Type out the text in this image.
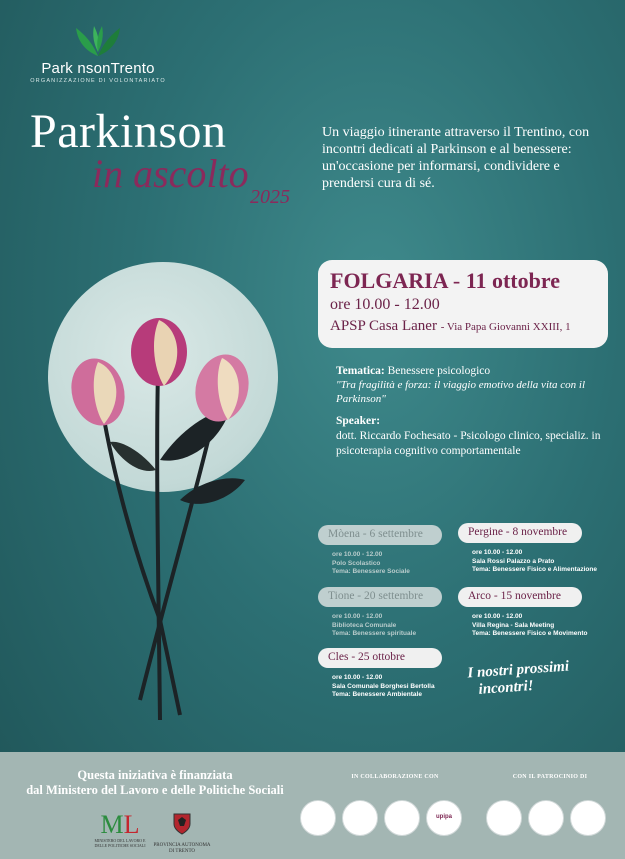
Park nsonTrento
ORGANIZZAZIONE DI VOLONTARIATO
Parkinson
in ascolto
2025
Un viaggio itinerante attraverso il Trentino, con incontri dedicati al Parkinson e al benessere: un'occasione per informarsi, condividere e prendersi cura di sé.
FOLGARIA - 11 ottobre
ore 10.00 - 12.00
APSP Casa Laner - Via Papa Giovanni XXIII, 1
Tematica: Benessere psicologico
"Tra fragilità e forza: il viaggio emotivo della vita con il Parkinson"
Speaker:
dott. Riccardo Fochesato - Psicologo clinico, specializ. in psicoterapia cognitivo comportamentale
Mòena - 6 settembre
ore 10.00 - 12.00
Polo Scolastico
Tema: Benessere Sociale
Tione - 20 settembre
ore 10.00 - 12.00
Biblioteca Comunale
Tema: Benessere spirituale
Cles - 25 ottobre
ore 10.00 - 12.00
Sala Comunale Borghesi Bertolla
Tema: Benessere Ambientale
Pergine - 8 novembre
ore 10.00 - 12.00
Sala Rossi Palazzo a Prato
Tema: Benessere Fisico e Alimentazione
Arco - 15 novembre
ore 10.00 - 12.00
Villa Regina - Sala Meeting
Tema: Benessere Fisico e Movimento
I nostri prossimi
incontri!
Questa iniziativa è finanziata
dal Ministero del Lavoro e delle Politiche Sociali
ML
MINISTERO DEL LAVORO E DELLE POLITICHE SOCIALI	PROVINCIA AUTONOMA
DI TRENTO
IN COLLABORAZIONE CON
upipa
CON IL PATROCINIO DI
